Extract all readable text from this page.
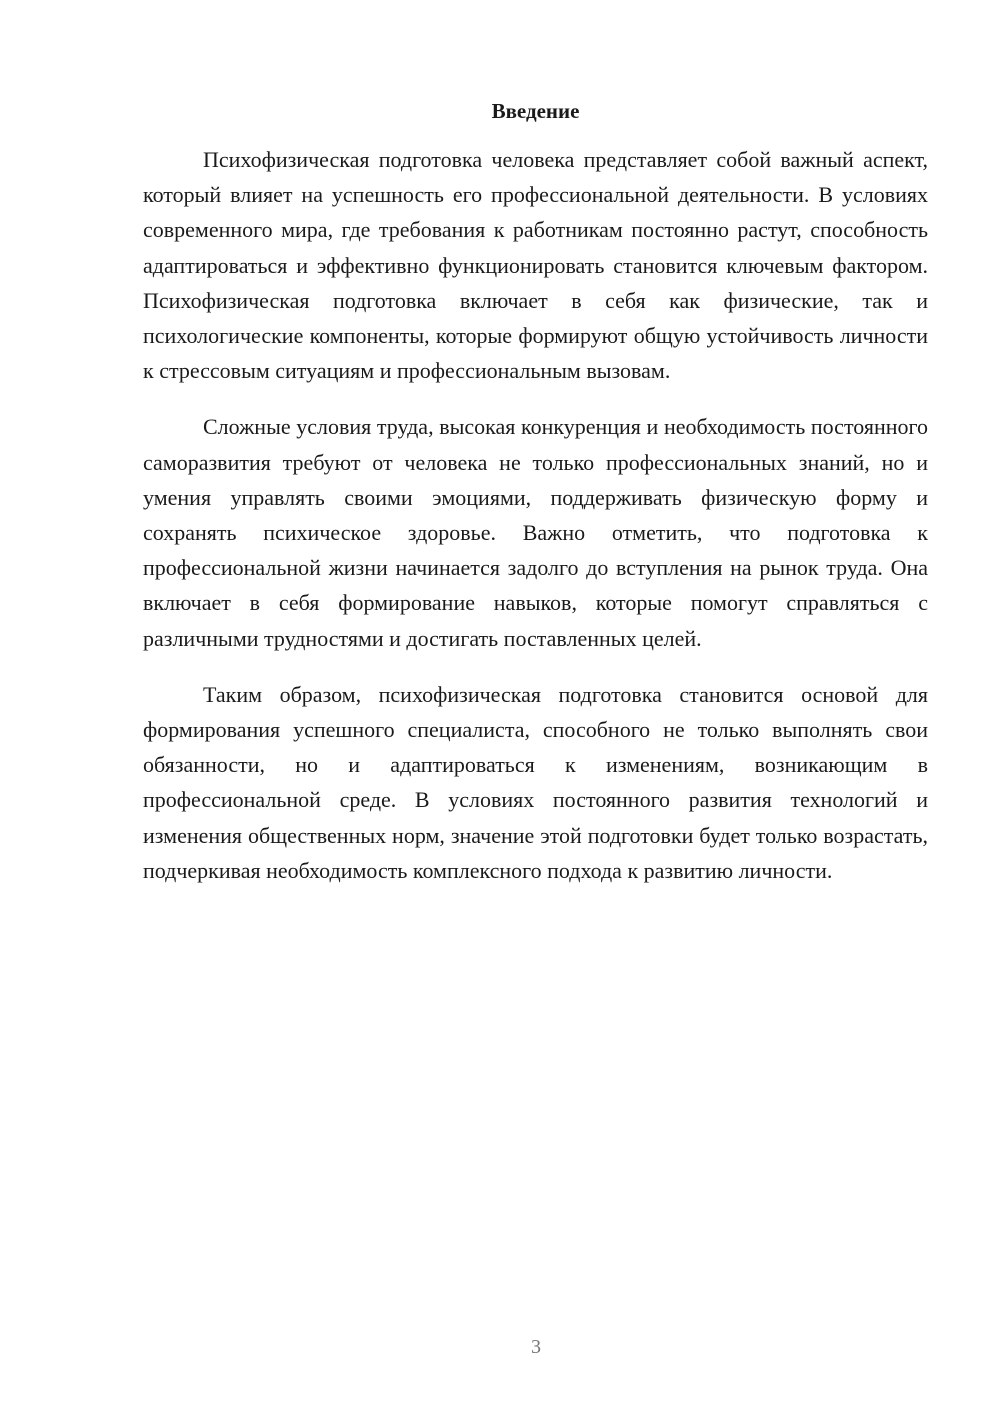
Введение

Психофизическая подготовка человека представляет собой важный аспект, который влияет на успешность его профессиональной деятельности. В условиях современного мира, где требования к работникам постоянно растут, способность адаптироваться и эффективно функционировать становится ключевым фактором. Психофизическая подготовка включает в себя как физические, так и психологические компоненты, которые формируют общую устойчивость личности к стрессовым ситуациям и профессиональным вызовам.

Сложные условия труда, высокая конкуренция и необходимость постоянного саморазвития требуют от человека не только профессиональных знаний, но и умения управлять своими эмоциями, поддерживать физическую форму и сохранять психическое здоровье. Важно отметить, что подготовка к профессиональной жизни начинается задолго до вступления на рынок труда. Она включает в себя формирование навыков, которые помогут справляться с различными трудностями и достигать поставленных целей.

Таким образом, психофизическая подготовка становится основой для формирования успешного специалиста, способного не только выполнять свои обязанности, но и адаптироваться к изменениям, возникающим в профессиональной среде. В условиях постоянного развития технологий и изменения общественных норм, значение этой подготовки будет только возрастать, подчеркивая необходимость комплексного подхода к развитию личности.

3
